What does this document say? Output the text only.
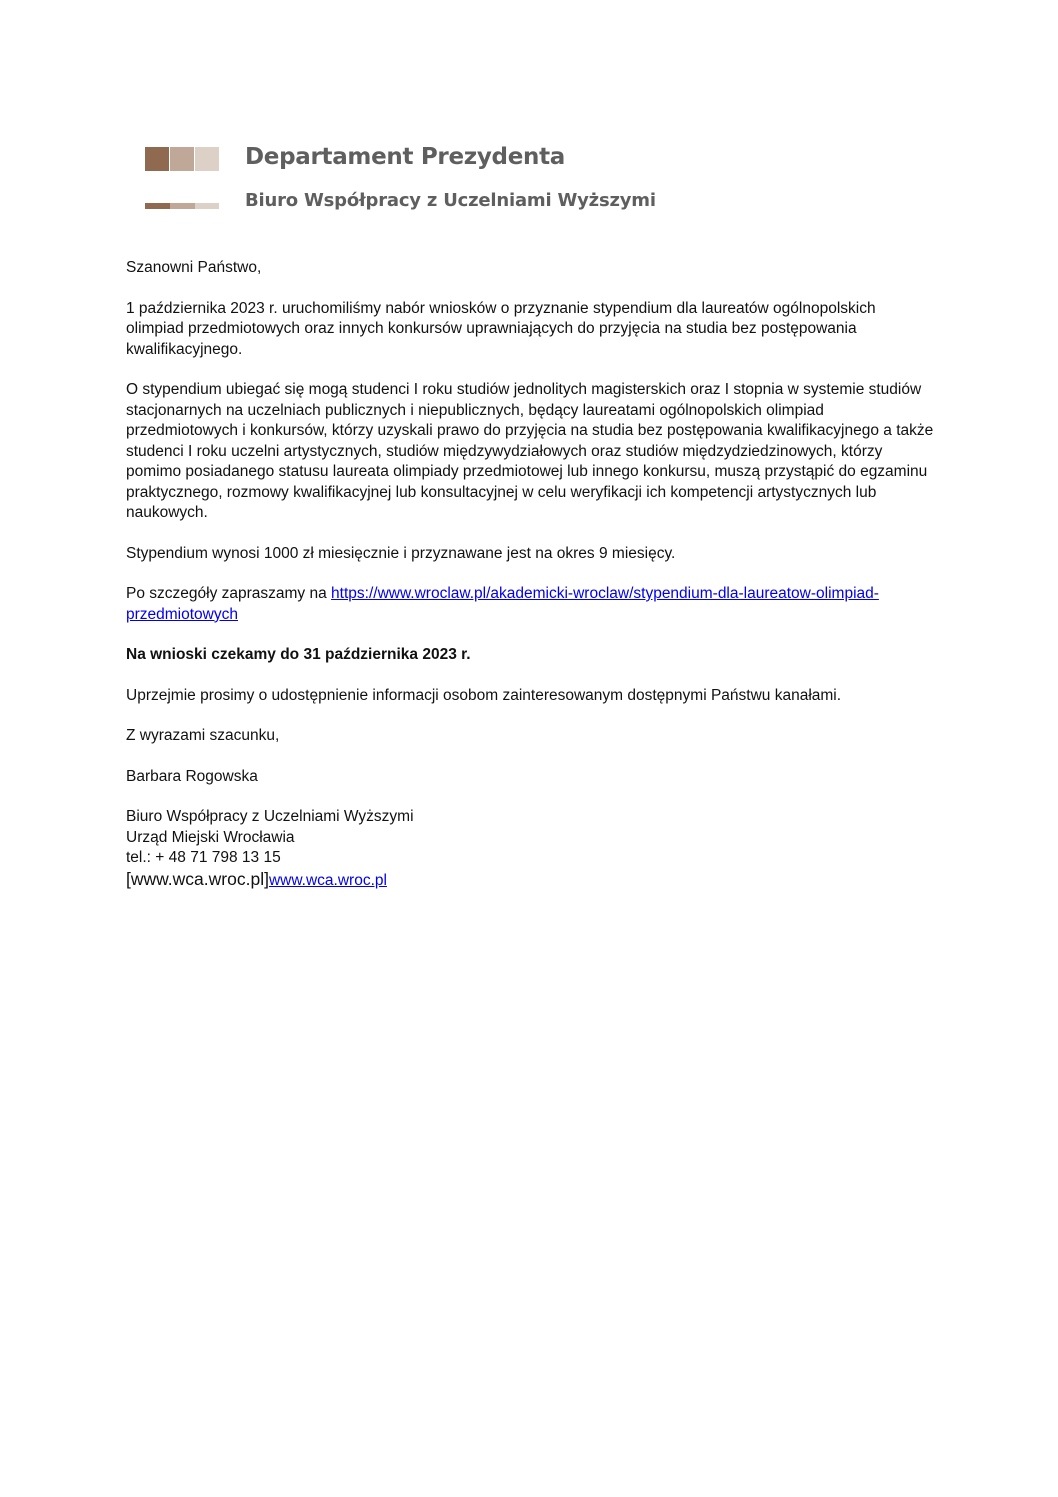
Departament Prezydenta
Biuro Współpracy z Uczelniami Wyższymi

Szanowni Państwo,

1 października 2023 r. uruchomiliśmy nabór wniosków o przyznanie stypendium dla laureatów ogólnopolskich olimpiad przedmiotowych oraz innych konkursów uprawniających do przyjęcia na studia bez postępowania kwalifikacyjnego.

O stypendium ubiegać się mogą studenci I roku studiów jednolitych magisterskich oraz I stopnia w systemie studiów stacjonarnych na uczelniach publicznych i niepublicznych, będący laureatami ogólnopolskich olimpiad przedmiotowych i konkursów, którzy uzyskali prawo do przyjęcia na studia bez postępowania kwalifikacyjnego a także studenci I roku uczelni artystycznych, studiów międzywydziałowych oraz studiów międzydziedzinowych, którzy pomimo posiadanego statusu laureata olimpiady przedmiotowej lub innego konkursu, muszą przystąpić do egzaminu praktycznego, rozmowy kwalifikacyjnej lub konsultacyjnej w celu weryfikacji ich kompetencji artystycznych lub naukowych.

Stypendium wynosi 1000 zł miesięcznie i przyznawane jest na okres 9 miesięcy.

Po szczegóły zapraszamy na https://www.wroclaw.pl/akademicki-wroclaw/stypendium-dla-laureatow-olimpiad-przedmiotowych

Na wnioski czekamy do 31 października 2023 r.

Uprzejmie prosimy o udostępnienie informacji osobom zainteresowanym dostępnymi Państwu kanałami.

Z wyrazami szacunku,

Barbara Rogowska

Biuro Współpracy z Uczelniami Wyższymi

Urząd Miejski Wrocławia

tel.: + 48 71 798 13 15

[www.wca.wroc.pl]www.wca.wroc.pl
